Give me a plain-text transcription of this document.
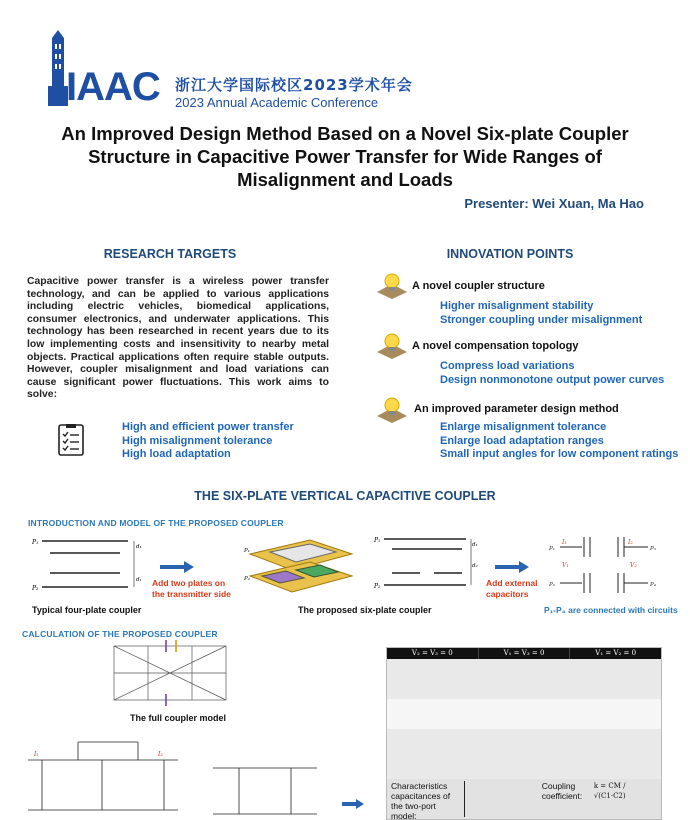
IAAC 浙江大学国际校区2023学术年会
2023 Annual Academic Conference
An Improved Design Method Based on a Novel Six-plate Coupler
Structure in Capacitive Power Transfer for Wide Ranges of
Misalignment and Loads
Presenter: Wei Xuan, Ma Hao
RESEARCH TARGETS
Capacitive power transfer is a wireless power transfer technology, and can be applied to various applications including electric vehicles, biomedical applications, consumer electronics, and underwater applications. This technology has been researched in recent years due to its low implementing costs and insensitivity to nearby metal objects. Practical applications often require stable outputs. However, coupler misalignment and load variations can cause significant power fluctuations. This work aims to solve:
High and efficient power transfer
High misalignment tolerance
High load adaptation
INNOVATION POINTS
A novel coupler structure
Higher misalignment stability
Stronger coupling under misalignment
A novel compensation topology
Compress load variations
Design nonmonotone output power curves
An improved parameter design method
Enlarge misalignment tolerance
Enlarge load adaptation ranges
Small input angles for low component ratings
THE SIX-PLATE VERTICAL CAPACITIVE COUPLER
INTRODUCTION AND MODEL OF THE PROPOSED COUPLER
P₁
P₂
d₁
d₁
Typical four-plate coupler
Add two plates on the transmitter side
P₁
P₂
P₁
P₂
d₁
d₂
The proposed six-plate coupler
Add external capacitors
I₁	I₂
V₁	V₂
P₁
P₂
P₃
P₄
P₁-P₄ are connected with circuits
CALCULATION OF THE PROPOSED COUPLER
The full coupler model
I₁	I₂
V₂ = V₃ = 0	V₁ = V₃ = 0	V₁ = V₂ = 0
Characteristics capacitances of the two-port model:
Coupling coefficient:
k = CM / √(C1·C2)
